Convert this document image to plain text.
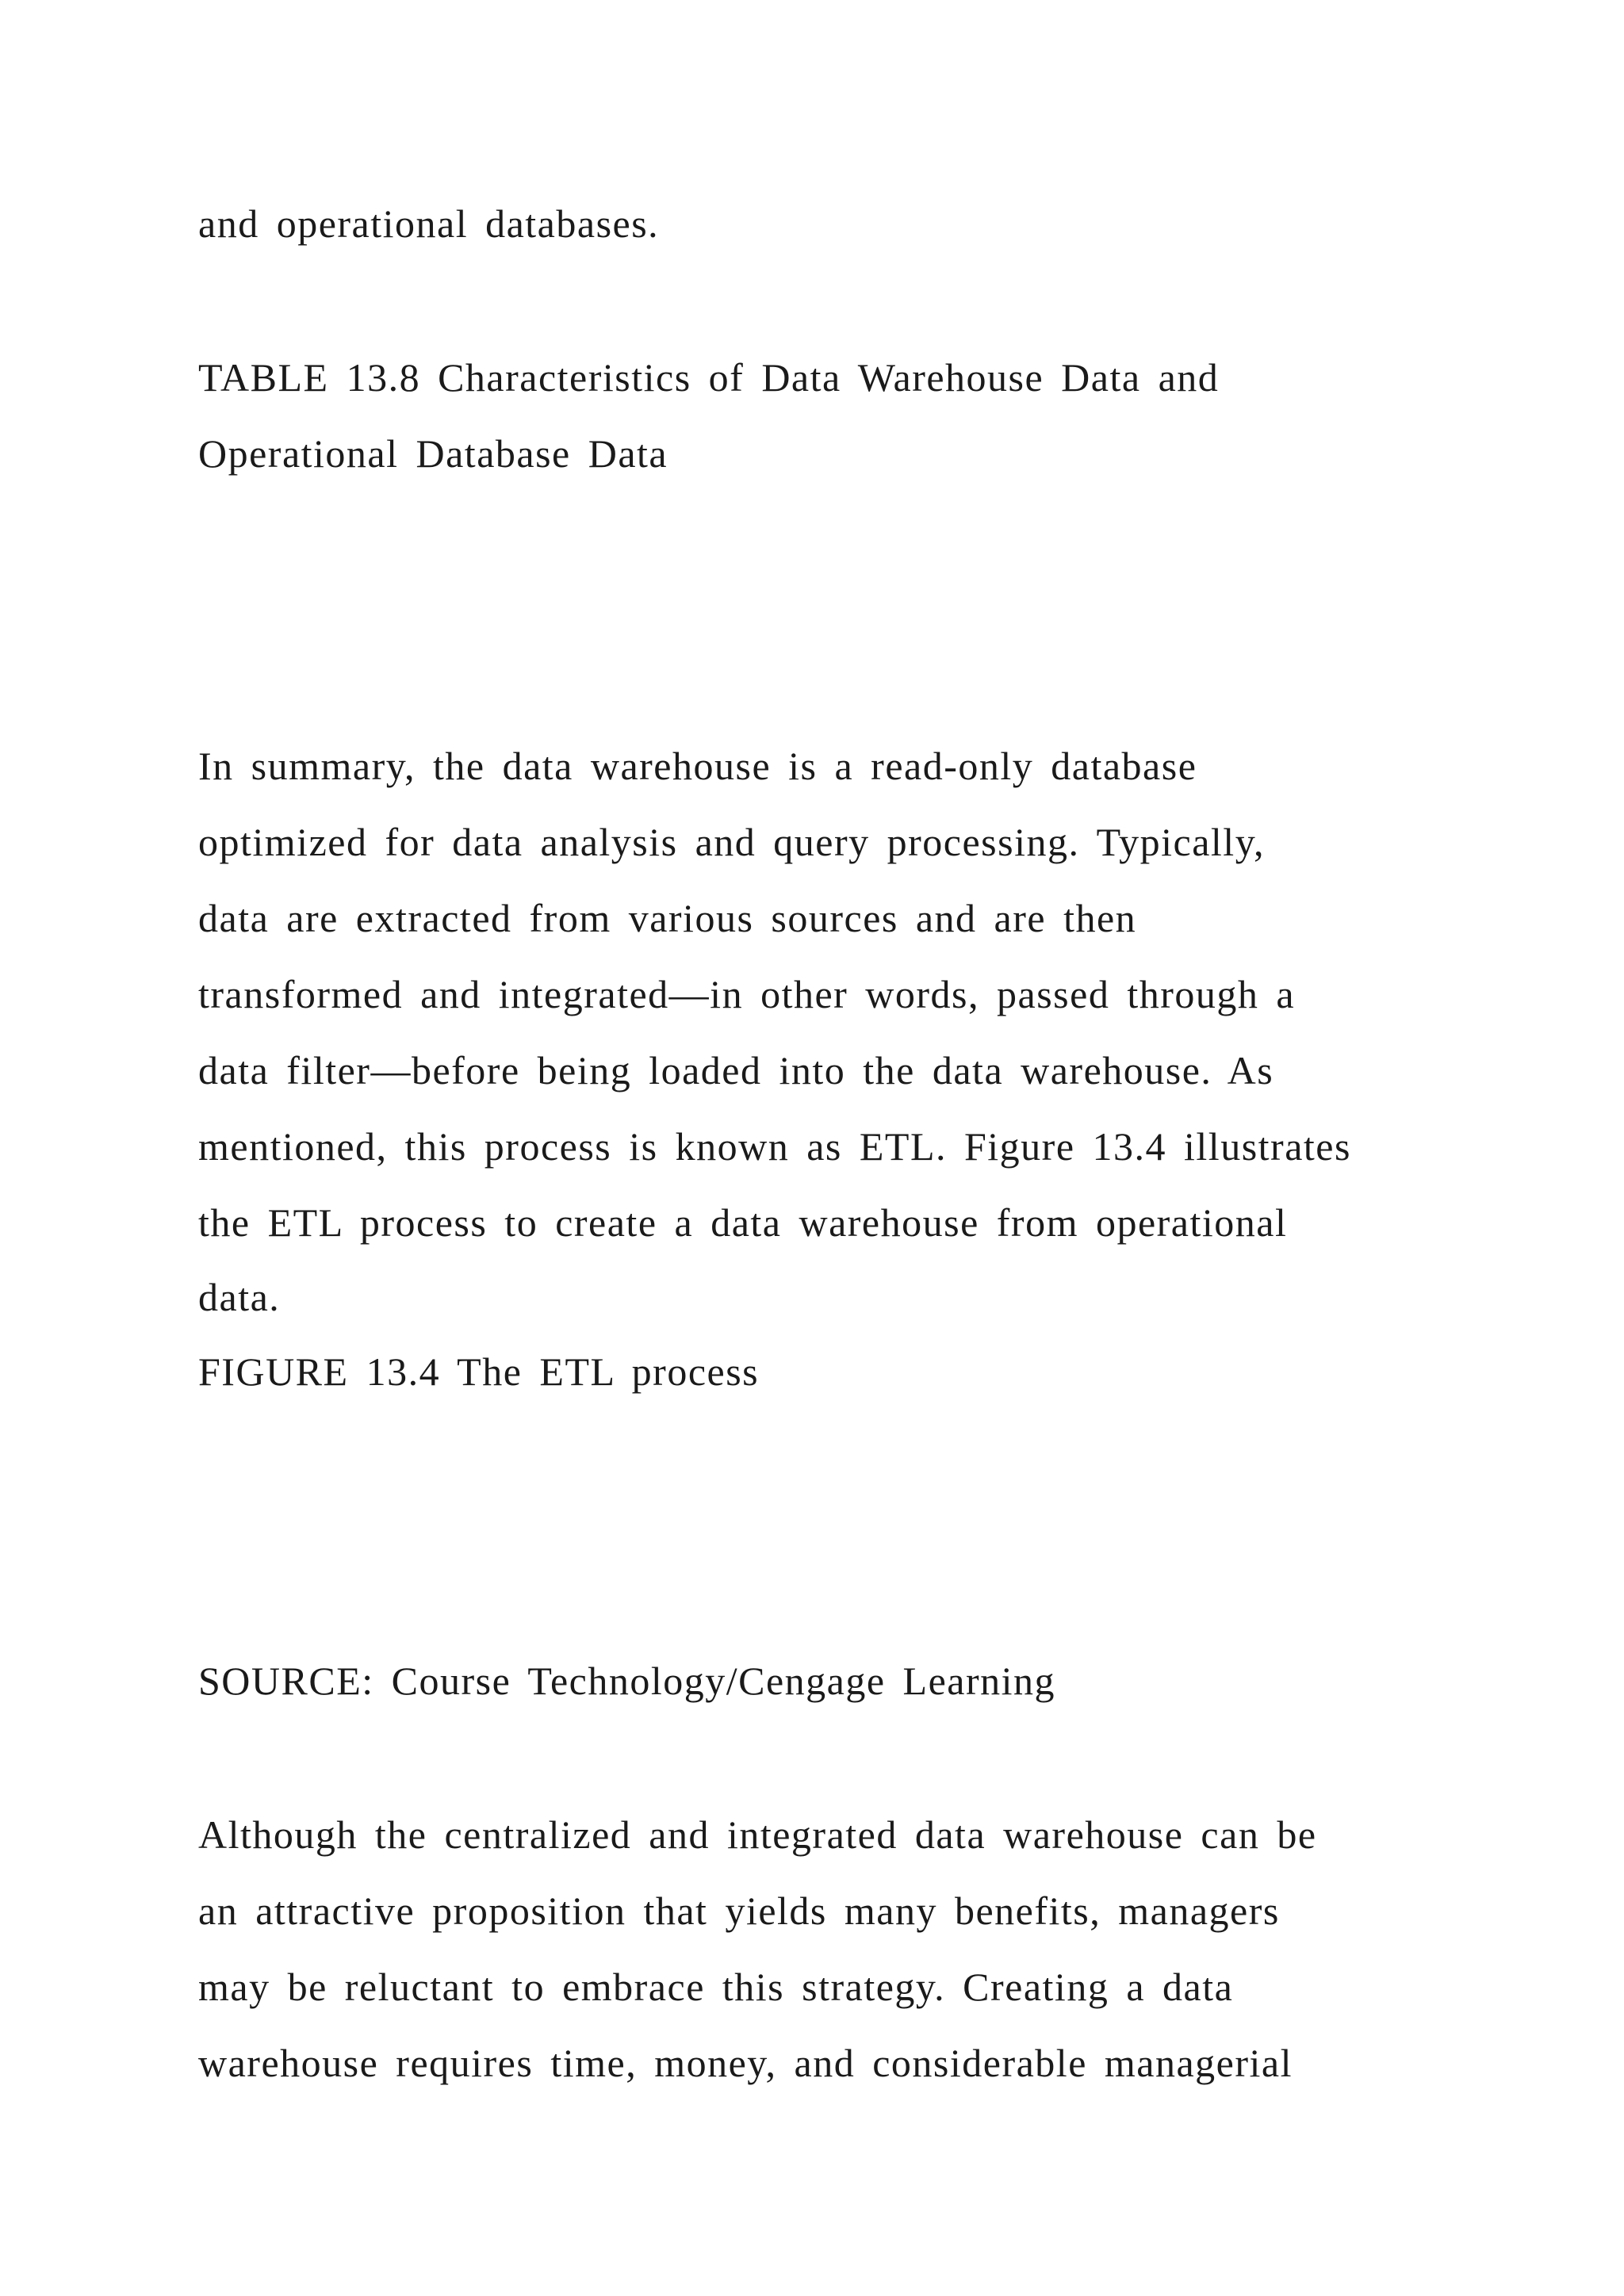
and operational databases.
TABLE 13.8 Characteristics of Data Warehouse Data and
Operational Database Data
In summary, the data warehouse is a read-only database
optimized for data analysis and query processing. Typically,
data are extracted from various sources and are then
transformed and integrated—in other words, passed through a
data filter—before being loaded into the data warehouse. As
mentioned, this process is known as ETL. Figure 13.4 illustrates
the ETL process to create a data warehouse from operational
data.
FIGURE 13.4 The ETL process
SOURCE: Course Technology/Cengage Learning
Although the centralized and integrated data warehouse can be
an attractive proposition that yields many benefits, managers
may be reluctant to embrace this strategy. Creating a data
warehouse requires time, money, and considerable managerial
